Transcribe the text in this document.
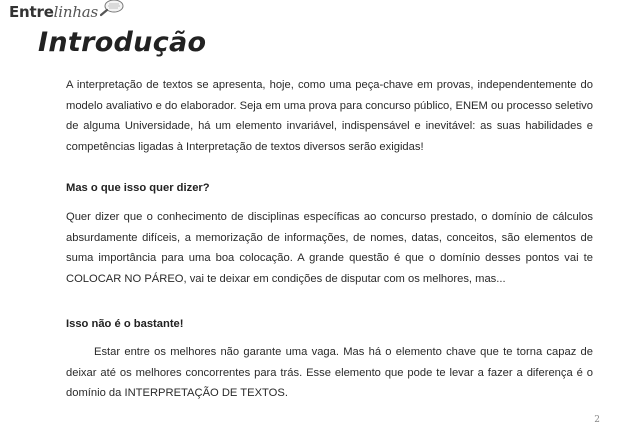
Entre linhas
Introdução

A interpretação de textos se apresenta, hoje, como uma peça-chave em provas, independentemente do modelo avaliativo e do elaborador. Seja em uma prova para concurso público, ENEM ou processo seletivo de alguma Universidade, há um elemento invariável, indispensável e inevitável: as suas habilidades e competências ligadas à Interpretação de textos diversos serão exigidas!

Mas o que isso quer dizer?

Quer dizer que o conhecimento de disciplinas específicas ao concurso prestado, o domínio de cálculos absurdamente difíceis, a memorização de informações, de nomes, datas, conceitos, são elementos de suma importância para uma boa colocação. A grande questão é que o domínio desses pontos vai te COLOCAR NO PÁREO, vai te deixar em condições de disputar com os melhores, mas...

Isso não é o bastante!

Estar entre os melhores não garante uma vaga. Mas há o elemento chave que te torna capaz de deixar até os melhores concorrentes para trás. Esse elemento que pode te levar a fazer a diferença é o domínio da INTERPRETAÇÃO DE TEXTOS.

2
